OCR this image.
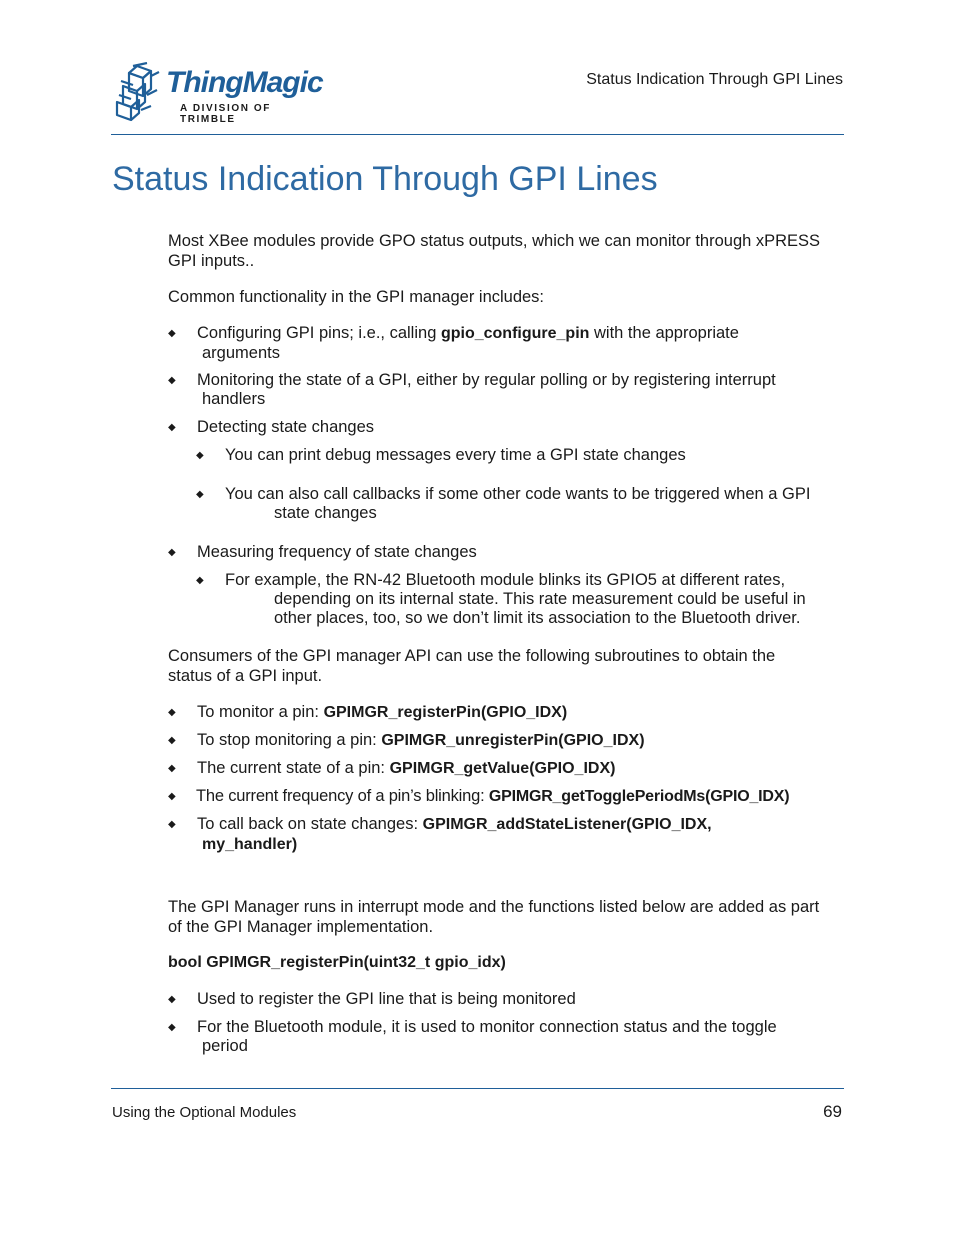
ThingMagic
A DIVISION OF TRIMBLE
Status Indication Through GPI Lines
Status Indication Through GPI Lines
Most XBee modules provide GPO status outputs, which we can monitor through xPRESS
GPI inputs..
Common functionality in the GPI manager includes:
◆ Configuring GPI pins; i.e., calling gpio_configure_pin with the appropriate
arguments
◆ Monitoring the state of a GPI, either by regular polling or by registering interrupt
handlers
◆ Detecting state changes
◆ You can print debug messages every time a GPI state changes
◆ You can also call callbacks if some other code wants to be triggered when a GPI
state changes
◆ Measuring frequency of state changes
◆ For example, the RN-42 Bluetooth module blinks its GPIO5 at different rates,
depending on its internal state. This rate measurement could be useful in
other places, too, so we don’t limit its association to the Bluetooth driver.
Consumers of the GPI manager API can use the following subroutines to obtain the
status of a GPI input.
◆ To monitor a pin: GPIMGR_registerPin(GPIO_IDX)
◆ To stop monitoring a pin: GPIMGR_unregisterPin(GPIO_IDX)
◆ The current state of a pin: GPIMGR_getValue(GPIO_IDX)
◆ The current frequency of a pin’s blinking: GPIMGR_getTogglePeriodMs(GPIO_IDX)
◆ To call back on state changes: GPIMGR_addStateListener(GPIO_IDX,
my_handler)
The GPI Manager runs in interrupt mode and the functions listed below are added as part
of the GPI Manager implementation.
bool GPIMGR_registerPin(uint32_t gpio_idx)
◆ Used to register the GPI line that is being monitored
◆ For the Bluetooth module, it is used to monitor connection status and the toggle
period
Using the Optional Modules	69
